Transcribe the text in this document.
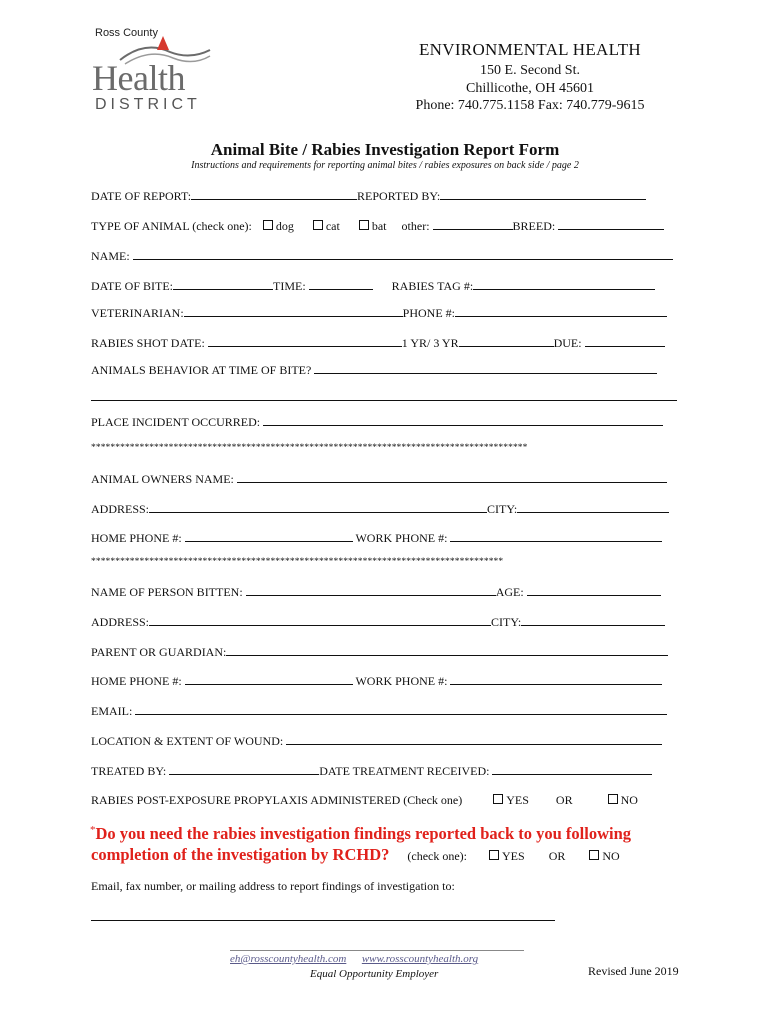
Ross County
Health
DISTRICT
ENVIRONMENTAL HEALTH
150 E. Second St.
Chillicothe, OH 45601
Phone: 740.775.1158 Fax: 740.779-9615
Animal Bite / Rabies Investigation Report Form
Instructions and requirements for reporting animal bites / rabies exposures on back side / page 2
DATE OF REPORT:	REPORTED BY:
TYPE OF ANIMAL (check one): dog	cat	bat other:	BREED:
NAME:
DATE OF BITE:	TIME:	RABIES TAG #:
VETERINARIAN:	PHONE #:
RABIES SHOT DATE:	1 YR/ 3 YR	DUE:
ANIMALS BEHAVIOR AT TIME OF BITE?
PLACE INCIDENT OCCURRED:
******************************************************************************************
ANIMAL OWNERS NAME:
ADDRESS:	CITY:
HOME PHONE #:	WORK PHONE #:
*************************************************************************************
NAME OF PERSON BITTEN:	AGE:
ADDRESS:	CITY:
PARENT OR GUARDIAN:
HOME PHONE #:	WORK PHONE #:
EMAIL:
LOCATION & EXTENT OF WOUND:
TREATED BY:	DATE TREATMENT RECEIVED:
RABIES POST-EXPOSURE PROPYLAXIS ADMINISTERED (Check one)	YES OR	NO
*Do you need the rabies investigation findings reported back to you following
completion of the investigation by RCHD? (check one):	YES OR	NO
Email, fax number, or mailing address to report findings of investigation to:
eh@rosscountyhealth.com www.rosscountyhealth.org
Equal Opportunity Employer	Revised June 2019
